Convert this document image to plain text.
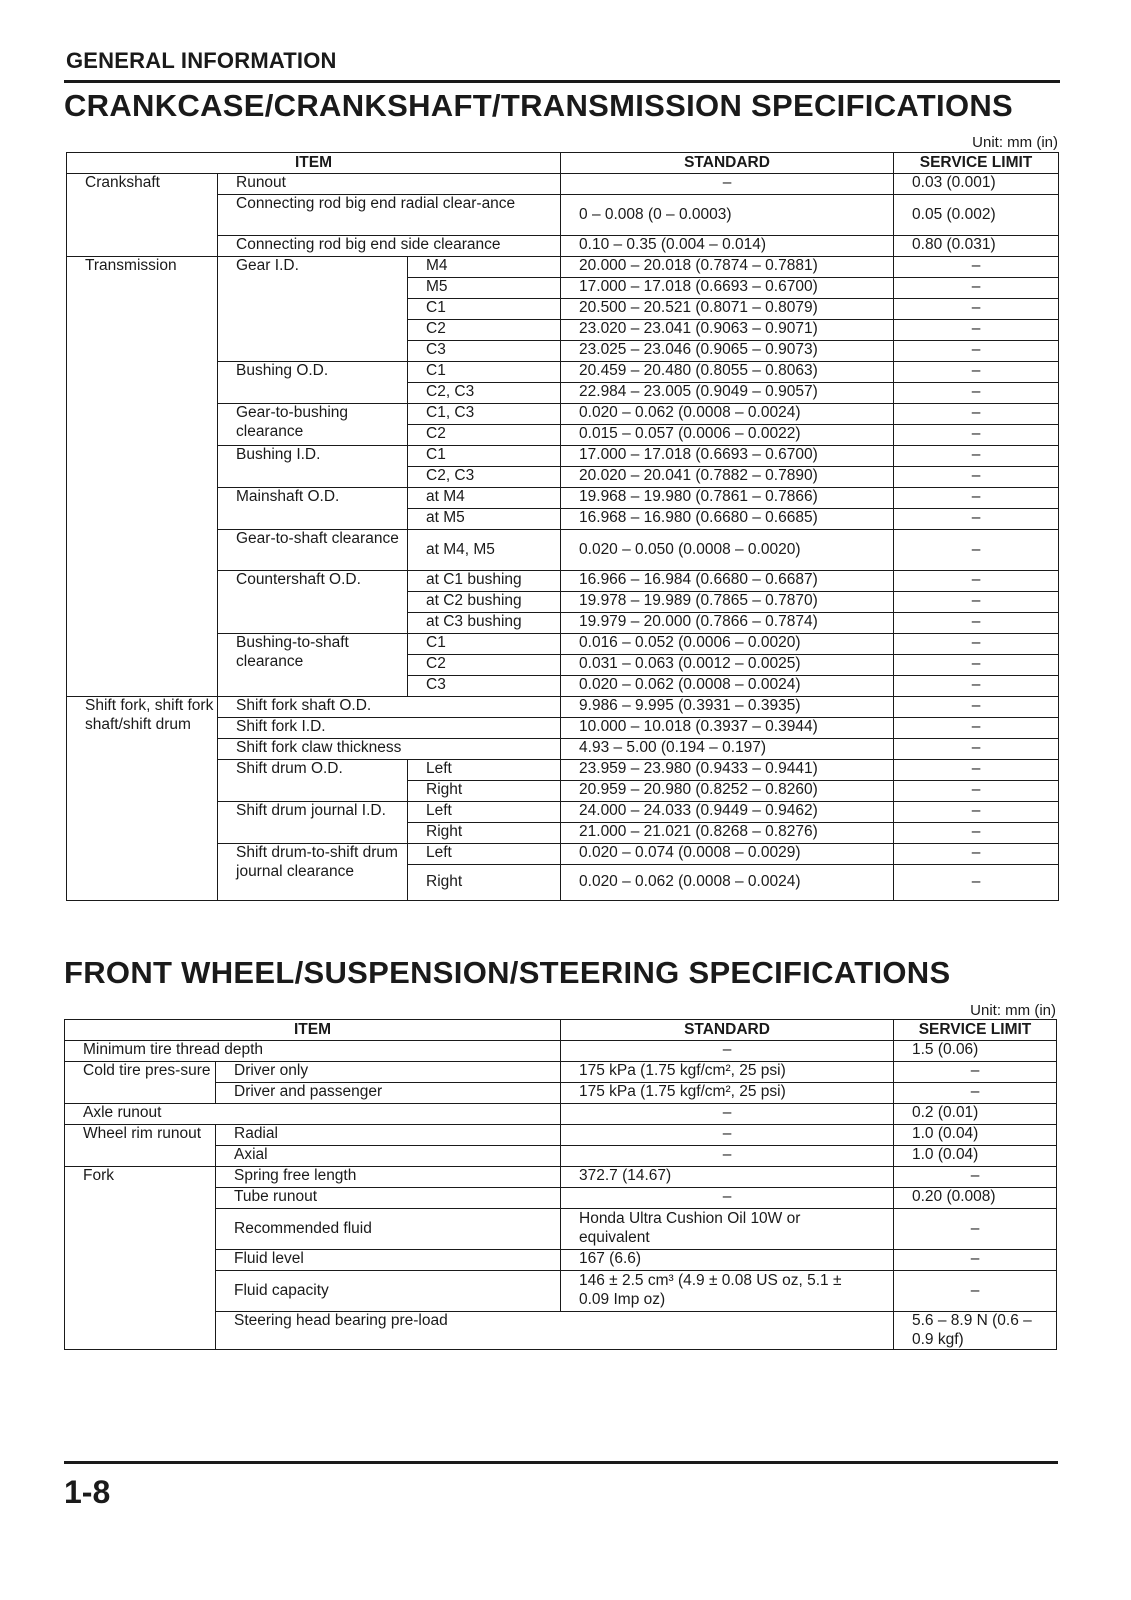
GENERAL INFORMATION
CRANKCASE/CRANKSHAFT/TRANSMISSION SPECIFICATIONS
Unit: mm (in)
ITEM			STANDARD	SERVICE LIMIT
Crankshaft	Runout		–	0.03 (0.001)
	Connecting rod big end radial clear-ance		0 – 0.008 (0 – 0.0003)	0.05 (0.002)
	Connecting rod big end side clearance		0.10 – 0.35 (0.004 – 0.014)	0.80 (0.031)
Transmission	Gear I.D.	M4	20.000 – 20.018 (0.7874 – 0.7881)	–
		M5	17.000 – 17.018 (0.6693 – 0.6700)	–
		C1	20.500 – 20.521 (0.8071 – 0.8079)	–
		C2	23.020 – 23.041 (0.9063 – 0.9071)	–
		C3	23.025 – 23.046 (0.9065 – 0.9073)	–
	Bushing O.D.	C1	20.459 – 20.480 (0.8055 – 0.8063)	–
		C2, C3	22.984 – 23.005 (0.9049 – 0.9057)	–
	Gear-to-bushing clearance	C1, C3	0.020 – 0.062 (0.0008 – 0.0024)	–
		C2	0.015 – 0.057 (0.0006 – 0.0022)	–
	Bushing I.D.	C1	17.000 – 17.018 (0.6693 – 0.6700)	–
		C2, C3	20.020 – 20.041 (0.7882 – 0.7890)	–
	Mainshaft O.D.	at M4	19.968 – 19.980 (0.7861 – 0.7866)	–
		at M5	16.968 – 16.980 (0.6680 – 0.6685)	–
	Gear-to-shaft clearance	at M4, M5	0.020 – 0.050 (0.0008 – 0.0020)	–
	Countershaft O.D.	at C1 bushing	16.966 – 16.984 (0.6680 – 0.6687)	–
		at C2 bushing	19.978 – 19.989 (0.7865 – 0.7870)	–
		at C3 bushing	19.979 – 20.000 (0.7866 – 0.7874)	–
	Bushing-to-shaft clearance	C1	0.016 – 0.052 (0.0006 – 0.0020)	–
		C2	0.031 – 0.063 (0.0012 – 0.0025)	–
		C3	0.020 – 0.062 (0.0008 – 0.0024)	–
Shift fork, shift fork shaft/shift drum	Shift fork shaft O.D.		9.986 – 9.995 (0.3931 – 0.3935)	–
	Shift fork I.D.		10.000 – 10.018 (0.3937 – 0.3944)	–
	Shift fork claw thickness		4.93 – 5.00 (0.194 – 0.197)	–
	Shift drum O.D.	Left	23.959 – 23.980 (0.9433 – 0.9441)	–
		Right	20.959 – 20.980 (0.8252 – 0.8260)	–
	Shift drum journal I.D.	Left	24.000 – 24.033 (0.9449 – 0.9462)	–
		Right	21.000 – 21.021 (0.8268 – 0.8276)	–
	Shift drum-to-shift drum journal clearance	Left	0.020 – 0.074 (0.0008 – 0.0029)	–
		Right	0.020 – 0.062 (0.0008 – 0.0024)	–
FRONT WHEEL/SUSPENSION/STEERING SPECIFICATIONS
Unit: mm (in)
ITEM		STANDARD	SERVICE LIMIT	
Minimum tire thread depth		–	1.5 (0.06)	
Cold tire pres-sure	Driver only	175 kPa (1.75 kgf/cm², 25 psi)	–	
	Driver and passenger	175 kPa (1.75 kgf/cm², 25 psi)	–	
Axle runout		–	0.2 (0.01)	
Wheel rim runout	Radial	–	1.0 (0.04)	
	Axial	–	1.0 (0.04)	
Fork	Spring free length	372.7 (14.67)	–	
	Tube runout	–	0.20 (0.008)	
	Recommended fluid	Honda Ultra Cushion Oil 10W or equivalent	–	
	Fluid level	167 (6.6)	–	
	Fluid capacity	146 ± 2.5 cm³ (4.9 ± 0.08 US oz, 5.1 ± 0.09 Imp oz)	–	
	Steering head bearing pre-load		5.6 – 8.9 N (0.6 – 0.9 kgf)	
1-8
